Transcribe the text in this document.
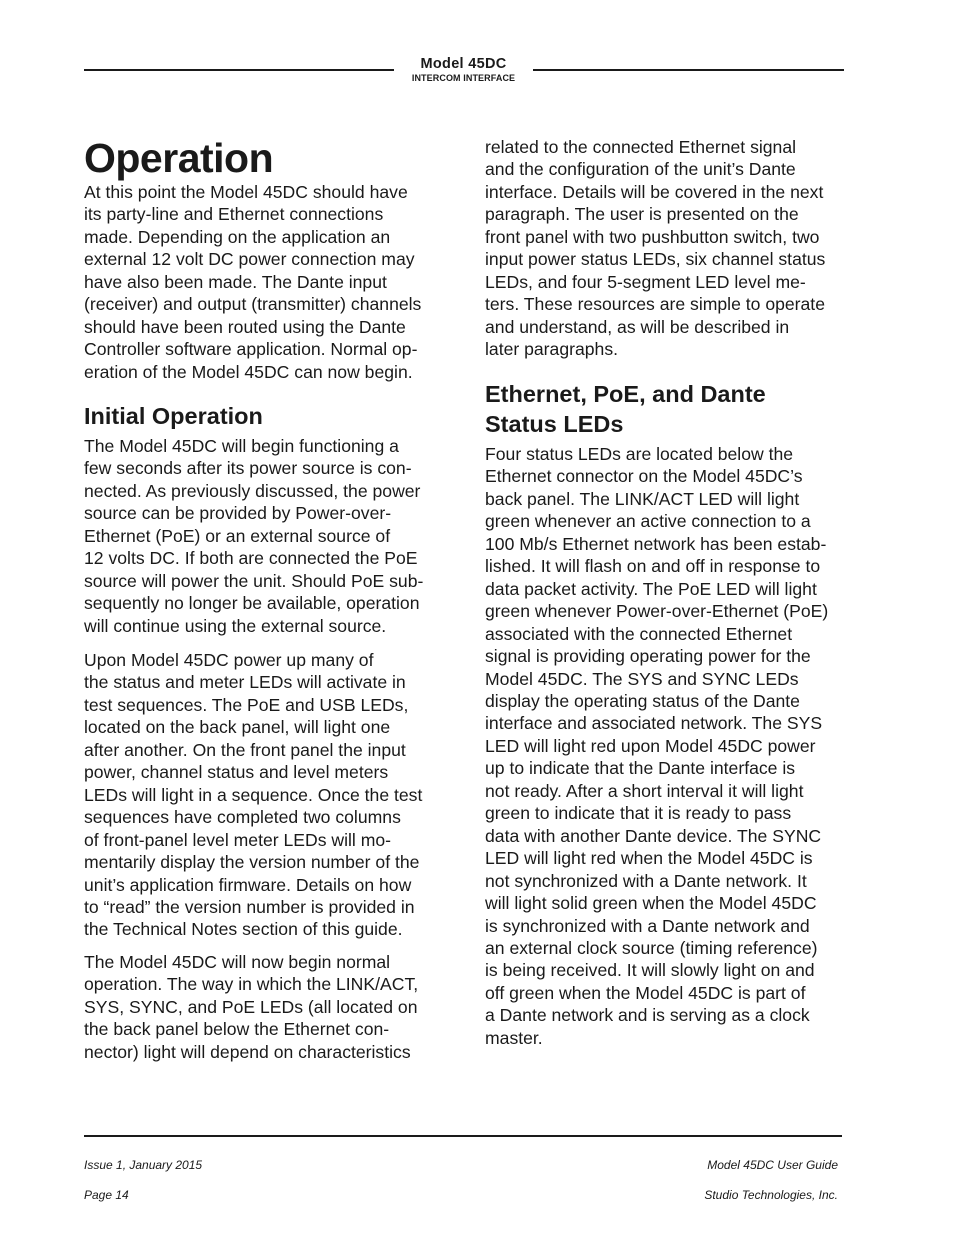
Model 45DC
INTERCOM INTERFACE
Operation

At this point the Model 45DC should have
its party-line and Ethernet connections
made. Depending on the application an
external 12 volt DC power connection may
have also been made. The Dante input
(receiver) and output (transmitter) channels
should have been routed using the Dante
Controller software application. Normal op-
eration of the Model 45DC can now begin.

Initial Operation

The Model 45DC will begin functioning a
few seconds after its power source is con-
nected. As previously discussed, the power
source can be provided by Power-over-
Ethernet (PoE) or an external source of
12 volts DC. If both are connected the PoE
source will power the unit. Should PoE sub-
sequently no longer be available, operation
will continue using the external source.

Upon Model 45DC power up many of
the status and meter LEDs will activate in
test sequences. The PoE and USB LEDs,
located on the back panel, will light one
after another. On the front panel the input
power, channel status and level meters
LEDs will light in a sequence. Once the test
sequences have completed two columns
of front-panel level meter LEDs will mo-
mentarily display the version number of the
unit’s application firmware. Details on how
to “read” the version number is provided in
the Technical Notes section of this guide.

The Model 45DC will now begin normal
operation. The way in which the LINK/ACT,
SYS, SYNC, and PoE LEDs (all located on
the back panel below the Ethernet con-
nector) light will depend on characteristics

related to the connected Ethernet signal
and the configuration of the unit’s Dante
interface. Details will be covered in the next
paragraph. The user is presented on the
front panel with two pushbutton switch, two
input power status LEDs, six channel status
LEDs, and four 5-segment LED level me-
ters. These resources are simple to operate
and understand, as will be described in
later paragraphs.

Ethernet, PoE, and Dante
Status LEDs

Four status LEDs are located below the
Ethernet connector on the Model 45DC’s
back panel. The LINK/ACT LED will light
green whenever an active connection to a
100 Mb/s Ethernet network has been estab-
lished. It will flash on and off in response to
data packet activity. The PoE LED will light
green whenever Power-over-Ethernet (PoE)
associated with the connected Ethernet
signal is providing operating power for the
Model 45DC. The SYS and SYNC LEDs
display the operating status of the Dante
interface and associated network. The SYS
LED will light red upon Model 45DC power
up to indicate that the Dante interface is
not ready. After a short interval it will light
green to indicate that it is ready to pass
data with another Dante device. The SYNC
LED will light red when the Model 45DC is
not synchronized with a Dante network. It
will light solid green when the Model 45DC
is synchronized with a Dante network and
an external clock source (timing reference)
is being received. It will slowly light on and
off green when the Model 45DC is part of
a Dante network and is serving as a clock
master.

Issue 1, January 2015

Page 14

Model 45DC User Guide

Studio Technologies, Inc.
